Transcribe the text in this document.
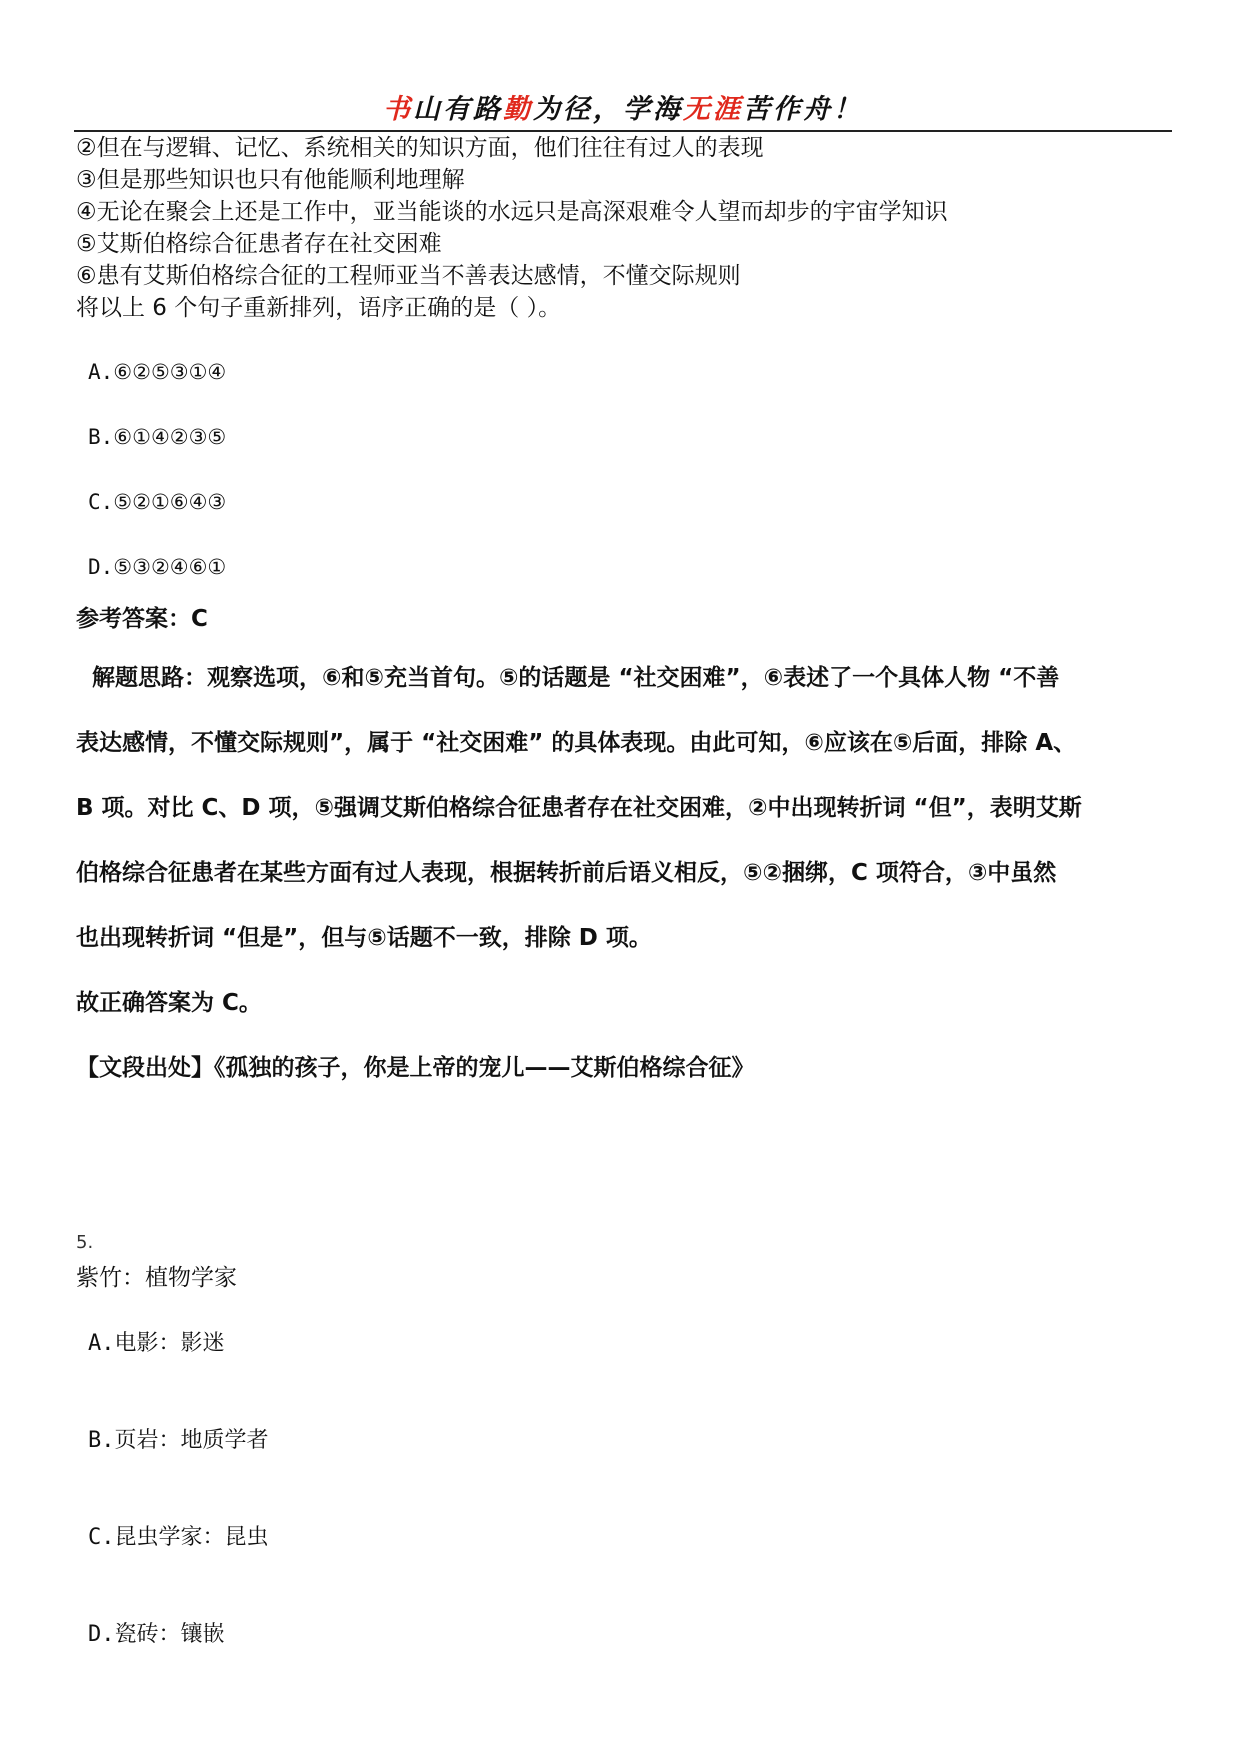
书山有路勤为径，学海无涯苦作舟！
②但在与逻辑、记忆、系统相关的知识方面，他们往往有过人的表现
③但是那些知识也只有他能顺利地理解
④无论在聚会上还是工作中，亚当能谈的水远只是高深艰难令人望而却步的宇宙学知识
⑤艾斯伯格综合征患者存在社交困难
⑥患有艾斯伯格综合征的工程师亚当不善表达感情，不懂交际规则
将以上 6 个句子重新排列，语序正确的是（ ）。
A.⑥②⑤③①④
B.⑥①④②③⑤
C.⑤②①⑥④③
D.⑤③②④⑥①
参考答案：C
解题思路：观察选项，⑥和⑤充当首句。⑤的话题是 “社交困难”，⑥表述了一个具体人物 “不善
表达感情，不懂交际规则”，属于 “社交困难” 的具体表现。由此可知，⑥应该在⑤后面，排除 A、
B 项。对比 C、D 项，⑤强调艾斯伯格综合征患者存在社交困难，②中出现转折词 “但”，表明艾斯
伯格综合征患者在某些方面有过人表现，根据转折前后语义相反，⑤②捆绑，C 项符合，③中虽然
也出现转折词 “但是”，但与⑤话题不一致，排除 D 项。
故正确答案为 C。
【文段出处】《孤独的孩子，你是上帝的宠儿——艾斯伯格综合征》
5.
紫竹：植物学家
A.电影：影迷
B.页岩：地质学者
C.昆虫学家：昆虫
D.瓷砖：镶嵌
